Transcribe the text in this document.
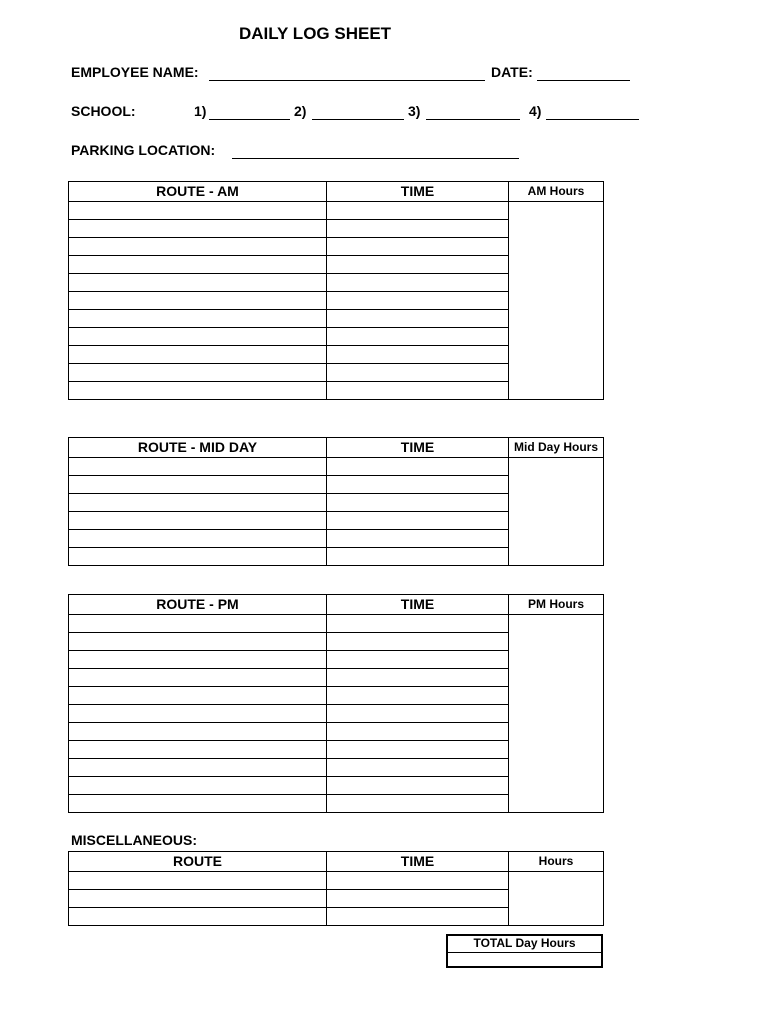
DAILY LOG SHEET
EMPLOYEE NAME:	DATE:
SCHOOL:	1)	2)	3)	4)
PARKING LOCATION:
ROUTE - AM	TIME	AM Hours

ROUTE - MID DAY	TIME	Mid Day Hours

ROUTE - PM	TIME	PM Hours

MISCELLANEOUS:
ROUTE	TIME	Hours

TOTAL Day Hours
